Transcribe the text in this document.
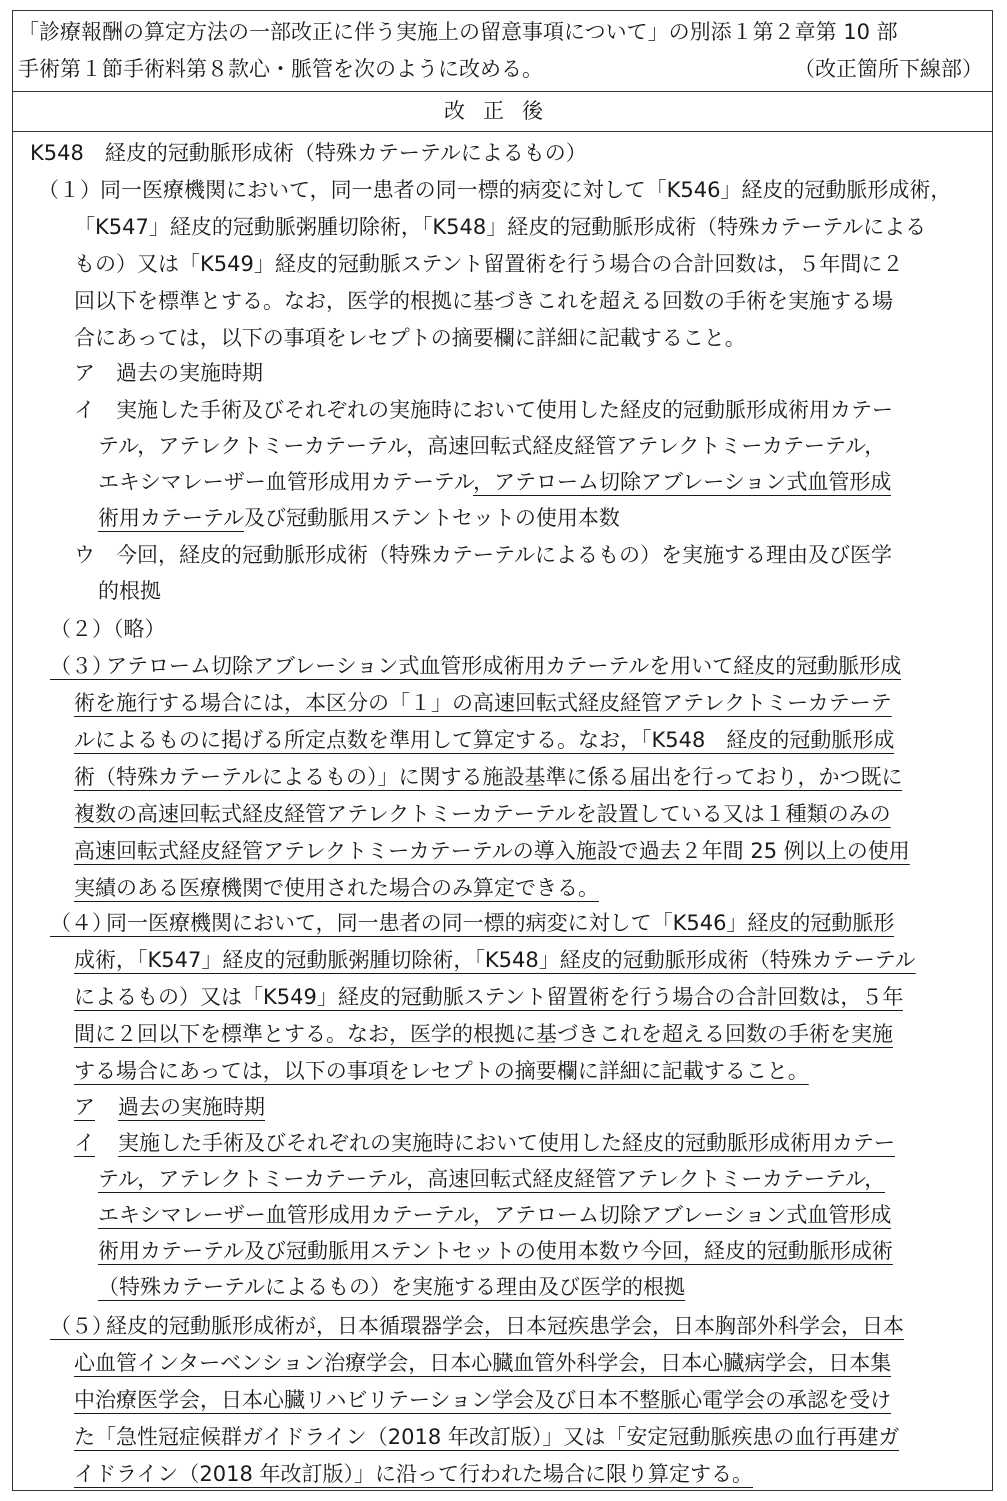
「診療報酬の算定方法の一部改正に伴う実施上の留意事項について」の別添１第２章第 10 部
手術第１節手術料第８款心・脈管を次のように改める。	（改正箇所下線部）
改正後
K548　経皮的冠動脈形成術（特殊カテーテルによるもの）
（１） 同一医療機関において，同一患者の同一標的病変に対して「K546」経皮的冠動脈形成術，
「K547」経皮的冠動脈粥腫切除術，「K548」経皮的冠動脈形成術（特殊カテーテルによる
もの）又は「K549」経皮的冠動脈ステント留置術を行う場合の合計回数は，５年間に２
回以下を標準とする。なお，医学的根拠に基づきこれを超える回数の手術を実施する場
合にあっては，以下の事項をレセプトの摘要欄に詳細に記載すること。
ア　過去の実施時期
イ　実施した手術及びそれぞれの実施時において使用した経皮的冠動脈形成術用カテー
テル，アテレクトミーカテーテル，高速回転式経皮経管アテレクトミーカテーテル，
エキシマレーザー血管形成用カテーテル，アテローム切除アブレーション式血管形成
術用カテーテル及び冠動脈用ステントセットの使用本数
ウ　今回，経皮的冠動脈形成術（特殊カテーテルによるもの）を実施する理由及び医学
的根拠
（２）（略）
（３）
アテローム切除アブレーション式血管形成術用カテーテルを用いて経皮的冠動脈形成
術を施行する場合には，本区分の「１」の高速回転式経皮経管アテレクトミーカテーテ
ルによるものに掲げる所定点数を準用して算定する。なお，「K548　経皮的冠動脈形成
術（特殊カテーテルによるもの）」に関する施設基準に係る届出を行っており，かつ既に
複数の高速回転式経皮経管アテレクトミーカテーテルを設置している又は１種類のみの
高速回転式経皮経管アテレクトミーカテーテルの導入施設で過去２年間 25 例以上の使用
実績のある医療機関で使用された場合のみ算定できる。
（４）
同一医療機関において，同一患者の同一標的病変に対して「K546」経皮的冠動脈形
成術，「K547」経皮的冠動脈粥腫切除術，「K548」経皮的冠動脈形成術（特殊カテーテル
によるもの）又は「K549」経皮的冠動脈ステント留置術を行う場合の合計回数は，５年
間に２回以下を標準とする。なお，医学的根拠に基づきこれを超える回数の手術を実施
する場合にあっては，以下の事項をレセプトの摘要欄に詳細に記載すること。
ア 過去の実施時期
イ 実施した手術及びそれぞれの実施時において使用した経皮的冠動脈形成術用カテー
テル，アテレクトミーカテーテル，高速回転式経皮経管アテレクトミーカテーテル，
エキシマレーザー血管形成用カテーテル，アテローム切除アブレーション式血管形成
術用カテーテル及び冠動脈用ステントセットの使用本数ウ今回，経皮的冠動脈形成術
（特殊カテーテルによるもの）を実施する理由及び医学的根拠
（５）
経皮的冠動脈形成術が，日本循環器学会，日本冠疾患学会，日本胸部外科学会，日本
心血管インターベンション治療学会，日本心臓血管外科学会，日本心臓病学会，日本集
中治療医学会，日本心臓リハビリテーション学会及び日本不整脈心電学会の承認を受け
た「急性冠症候群ガイドライン（2018 年改訂版）」又は「安定冠動脈疾患の血行再建ガ
イドライン（2018 年改訂版）」に沿って行われた場合に限り算定する。
